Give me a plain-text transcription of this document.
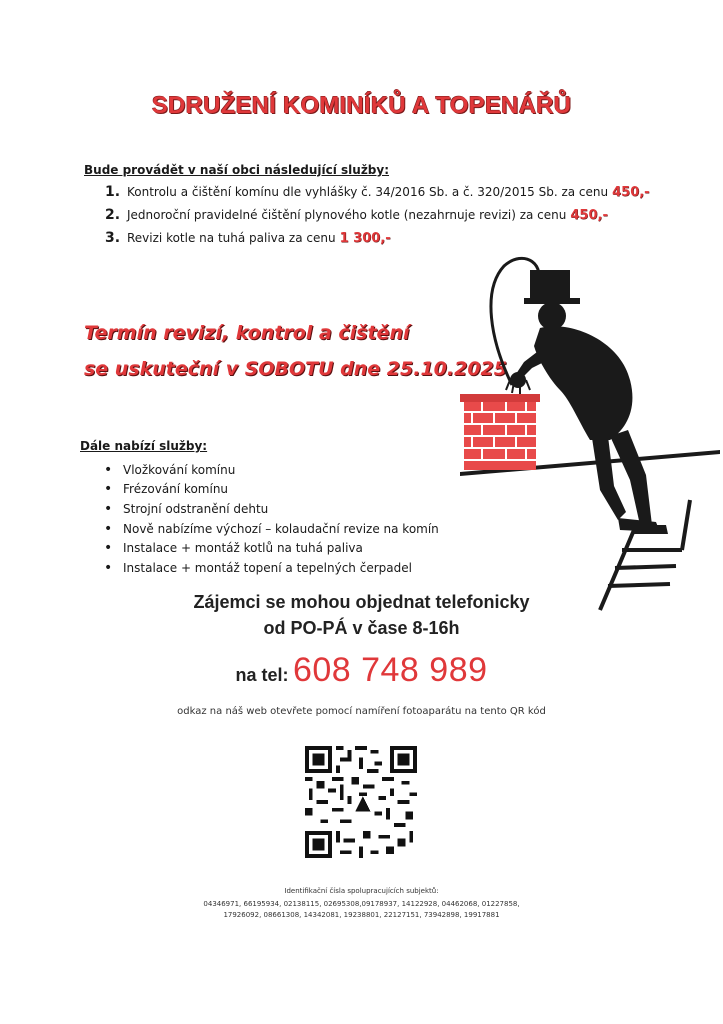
SDRUŽENÍ KOMINÍKŮ A TOPENÁŘŮ
Bude provádět v naší obci následující služby:
1. Kontrolu a čištění komínu dle vyhlášky č. 34/2016 Sb. a č. 320/2015 Sb. za cenu 450,-
2. Jednoroční pravidelné čištění plynového kotle (nezahrnuje revizi) za cenu 450,-
3. Revizi kotle na tuhá paliva za cenu 1 300,-
Termín revizí, kontrol a čištění
se uskuteční v SOBOTU dne 25.10.2025
Dále nabízí služby:
• Vložkování komínu
• Frézování komínu
• Strojní odstranění dehtu
• Nově nabízíme výchozí – kolaudační revize na komín
• Instalace + montáž kotlů na tuhá paliva
• Instalace + montáž topení a tepelných čerpadel
Zájemci se mohou objednat telefonicky
od PO-PÁ v čase 8-16h
na tel: 608 748 989
odkaz na náš web otevřete pomocí namíření fotoaparátu na tento QR kód
Identifikační čísla spolupracujících subjektů:
04346971, 66195934, 02138115, 02695308,09178937, 14122928, 04462068, 01227858,
17926092, 08661308, 14342081, 19238801, 22127151, 73942898, 19917881
